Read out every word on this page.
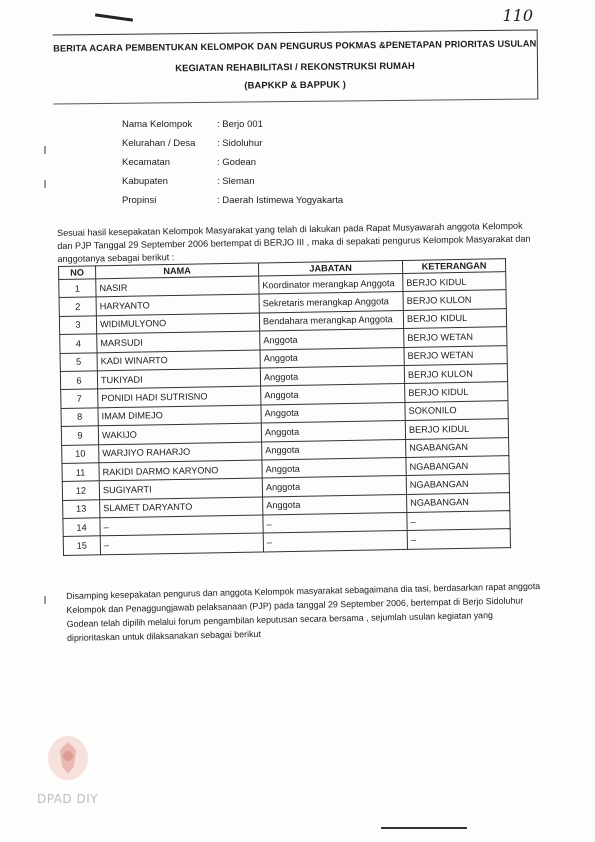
110
BERITA ACARA PEMBENTUKAN KELOMPOK DAN PENGURUS POKMAS &PENETAPAN PRIORITAS USULAN
KEGIATAN REHABILITASI / REKONSTRUKSI RUMAH
(BAPKKP & BAPPUK )
Nama Kelompok	: Berjo 001
Kelurahan / Desa	: Sidoluhur
Kecamatan	: Godean
Kabupaten	: Sleman
Propinsi	: Daerah Istimewa Yogyakarta
Sesuai hasil kesepakatan Kelompok Masyarakat yang telah di lakukan pada Rapat Musyawarah anggota Kelompok dan PJP Tanggal 29 September 2006 bertempat di BERJO III , maka di sepakati pengurus Kelompok Masyarakat dan anggotanya sebagai berikut :
NO	NAMA	JABATAN	KETERANGAN
1	NASIR	Koordinator merangkap Anggota	BERJO KIDUL
2	HARYANTO	Sekretaris merangkap Anggota	BERJO KULON
3	WIDIMULYONO	Bendahara merangkap Anggota	BERJO KIDUL
4	MARSUDI	Anggota	BERJO WETAN
5	KADI WINARTO	Anggota	BERJO WETAN
6	TUKIYADI	Anggota	BERJO KULON
7	PONIDI HADI SUTRISNO	Anggota	BERJO KIDUL
8	IMAM DIMEJO	Anggota	SOKONILO
9	WAKIJO	Anggota	BERJO KIDUL
10	WARJIYO RAHARJO	Anggota	NGABANGAN
11	RAKIDI DARMO KARYONO	Anggota	NGABANGAN
12	SUGIYARTI	Anggota	NGABANGAN
13	SLAMET DARYANTO	Anggota	NGABANGAN
14	–	–	–
15	–	–	–
Disamping kesepakatan pengurus dan anggota Kelompok masyarakat sebagaimana dia tasi, berdasarkan rapat anggota Kelompok dan Penaggungjawab pelaksanaan (PJP) pada tanggal 29 September 2006, bertempat di Berjo Sidoluhur Godean telah dipilih melalui forum pengambilan keputusan secara bersama , sejumlah usulan kegiatan yang diprioritaskan untuk dilaksanakan sebagai berikut
DPAD DIY
